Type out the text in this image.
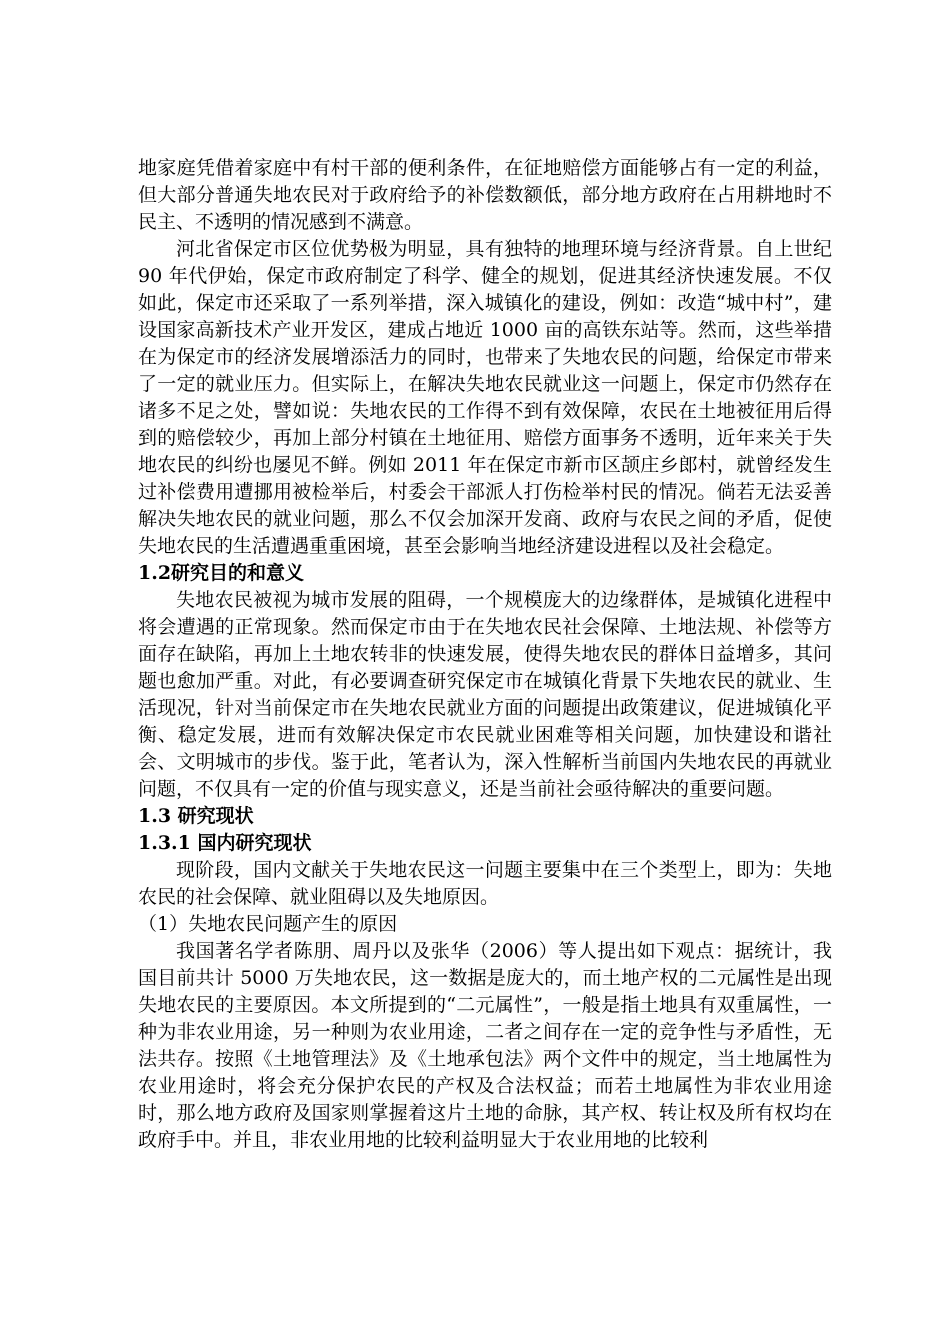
地家庭凭借着家庭中有村干部的便利条件，在征地赔偿方面能够占有一定的利益，但大部分普通失地农民对于政府给予的补偿数额低，部分地方政府在占用耕地时不民主、不透明的情况感到不满意。

河北省保定市区位优势极为明显，具有独特的地理环境与经济背景。自上世纪 90 年代伊始，保定市政府制定了科学、健全的规划，促进其经济快速发展。不仅如此，保定市还采取了一系列举措，深入城镇化的建设，例如：改造“城中村”，建设国家高新技术产业开发区，建成占地近 1000 亩的高铁东站等。然而，这些举措在为保定市的经济发展增添活力的同时，也带来了失地农民的问题，给保定市带来了一定的就业压力。但实际上，在解决失地农民就业这一问题上，保定市仍然存在诸多不足之处，譬如说：失地农民的工作得不到有效保障，农民在土地被征用后得到的赔偿较少，再加上部分村镇在土地征用、赔偿方面事务不透明，近年来关于失地农民的纠纷也屡见不鲜。例如 2011 年在保定市新市区颉庄乡郎村，就曾经发生过补偿费用遭挪用被检举后，村委会干部派人打伤检举村民的情况。倘若无法妥善解决失地农民的就业问题，那么不仅会加深开发商、政府与农民之间的矛盾，促使失地农民的生活遭遇重重困境，甚至会影响当地经济建设进程以及社会稳定。

1.2研究目的和意义

失地农民被视为城市发展的阻碍，一个规模庞大的边缘群体，是城镇化进程中将会遭遇的正常现象。然而保定市由于在失地农民社会保障、土地法规、补偿等方面存在缺陷，再加上土地农转非的快速发展，使得失地农民的群体日益增多，其问题也愈加严重。对此，有必要调查研究保定市在城镇化背景下失地农民的就业、生活现况，针对当前保定市在失地农民就业方面的问题提出政策建议，促进城镇化平衡、稳定发展，进而有效解决保定市农民就业困难等相关问题，加快建设和谐社会、文明城市的步伐。鉴于此，笔者认为，深入性解析当前国内失地农民的再就业问题，不仅具有一定的价值与现实意义，还是当前社会亟待解决的重要问题。

1.3 研究现状

1.3.1 国内研究现状

现阶段，国内文献关于失地农民这一问题主要集中在三个类型上，即为：失地农民的社会保障、就业阻碍以及失地原因。

（1）失地农民问题产生的原因

我国著名学者陈朋、周丹以及张华（2006）等人提出如下观点：据统计，我国目前共计 5000 万失地农民，这一数据是庞大的，而土地产权的二元属性是出现失地农民的主要原因。本文所提到的“二元属性”，一般是指土地具有双重属性，一种为非农业用途，另一种则为农业用途，二者之间存在一定的竞争性与矛盾性，无法共存。按照《土地管理法》及《土地承包法》两个文件中的规定，当土地属性为农业用途时，将会充分保护农民的产权及合法权益；而若土地属性为非农业用途时，那么地方政府及国家则掌握着这片土地的命脉，其产权、转让权及所有权均在政府手中。并且，非农业用地的比较利益明显大于农业用地的比较利
